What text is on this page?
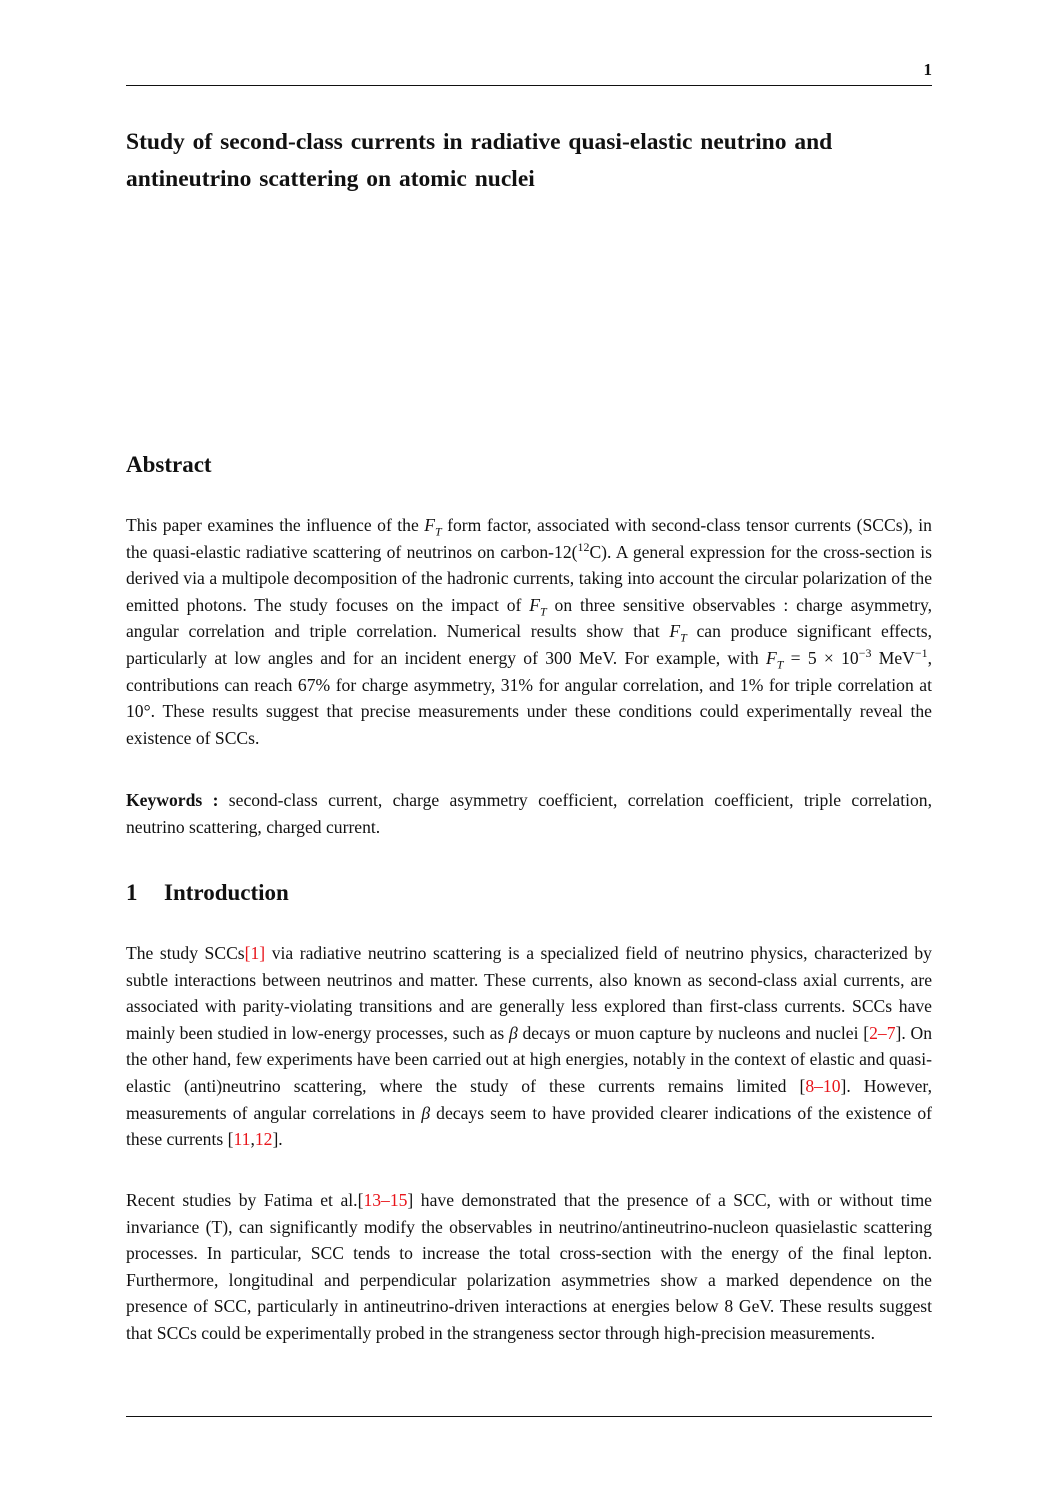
1
Study of second-class currents in radiative quasi-elastic neutrino and antineutrino scattering on atomic nuclei
Abstract

This paper examines the influence of the $F_T$ form factor, associated with second-class tensor currents (SCCs), in the quasi-elastic radiative scattering of neutrinos on carbon-12($^{12}$C). A general expression for the cross-section is derived via a multipole decomposition of the hadronic currents, taking into account the circular polarization of the emitted photons. The study focuses on the impact of $F_T$ on three sensitive observables : charge asymmetry, angular correlation and triple correlation. Numerical results show that $F_T$ can produce significant effects, particularly at low angles and for an incident energy of 300 MeV. For example, with $F_T = 5 \times 10^{-3}$ MeV$^{-1}$, contributions can reach 67% for charge asymmetry, 31% for angular correlation, and 1% for triple correlation at 10°. These results suggest that precise measurements under these conditions could experimentally reveal the existence of SCCs.

Keywords : second-class current, charge asymmetry coefficient, correlation coefficient, triple correlation, neutrino scattering, charged current.

1 Introduction

The study SCCs[1] via radiative neutrino scattering is a specialized field of neutrino physics, characterized by subtle interactions between neutrinos and matter. These currents, also known as second-class axial currents, are associated with parity-violating transitions and are generally less explored than first-class currents. SCCs have mainly been studied in low-energy processes, such as β decays or muon capture by nucleons and nuclei [2–7]. On the other hand, few experiments have been carried out at high energies, notably in the context of elastic and quasi-elastic (anti)neutrino scattering, where the study of these currents remains limited [8–10]. However, measurements of angular correlations in β decays seem to have provided clearer indications of the existence of these currents [11,12].

Recent studies by Fatima et al.[13–15] have demonstrated that the presence of a SCC, with or without time invariance (T), can significantly modify the observables in neutrino/antineutrino-nucleon quasielastic scattering processes. In particular, SCC tends to increase the total cross-section with the energy of the final lepton. Furthermore, longitudinal and perpendicular polarization asymmetries show a marked dependence on the presence of SCC, particularly in antineutrino-driven interactions at energies below 8 GeV. These results suggest that SCCs could be experimentally probed in the strangeness sector through high-precision measurements.
